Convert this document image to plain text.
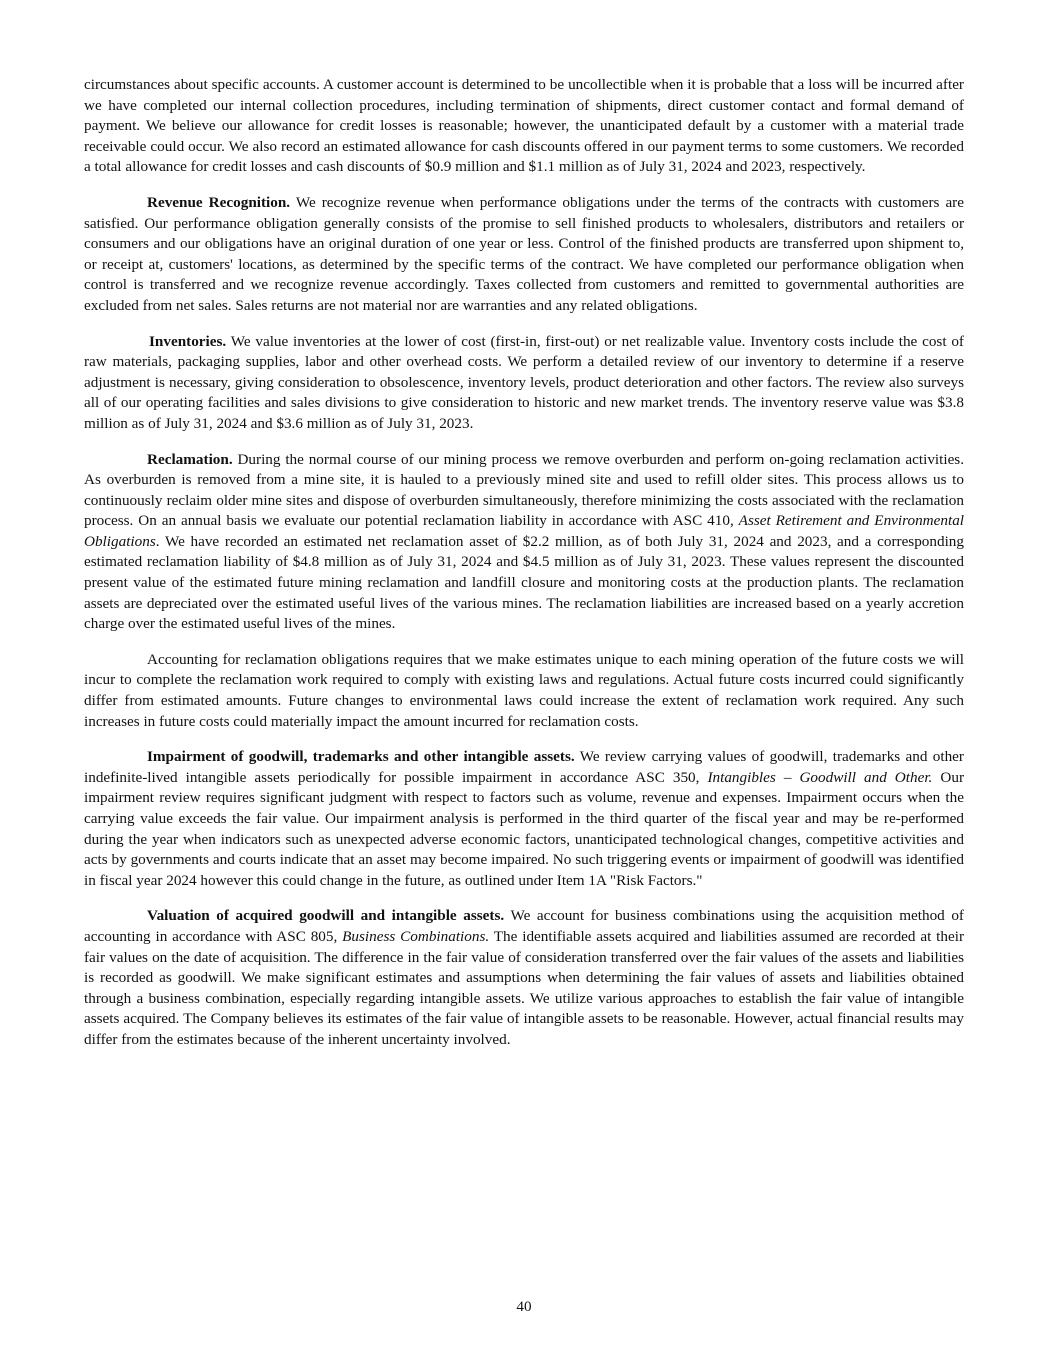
circumstances about specific accounts. A customer account is determined to be uncollectible when it is probable that a loss will be incurred after we have completed our internal collection procedures, including termination of shipments, direct customer contact and formal demand of payment. We believe our allowance for credit losses is reasonable; however, the unanticipated default by a customer with a material trade receivable could occur. We also record an estimated allowance for cash discounts offered in our payment terms to some customers. We recorded a total allowance for credit losses and cash discounts of $0.9 million and $1.1 million as of July 31, 2024 and 2023, respectively.

Revenue Recognition. We recognize revenue when performance obligations under the terms of the contracts with customers are satisfied. Our performance obligation generally consists of the promise to sell finished products to wholesalers, distributors and retailers or consumers and our obligations have an original duration of one year or less. Control of the finished products are transferred upon shipment to, or receipt at, customers' locations, as determined by the specific terms of the contract. We have completed our performance obligation when control is transferred and we recognize revenue accordingly. Taxes collected from customers and remitted to governmental authorities are excluded from net sales. Sales returns are not material nor are warranties and any related obligations.

Inventories. We value inventories at the lower of cost (first-in, first-out) or net realizable value. Inventory costs include the cost of raw materials, packaging supplies, labor and other overhead costs. We perform a detailed review of our inventory to determine if a reserve adjustment is necessary, giving consideration to obsolescence, inventory levels, product deterioration and other factors. The review also surveys all of our operating facilities and sales divisions to give consideration to historic and new market trends. The inventory reserve value was $3.8 million as of July 31, 2024 and $3.6 million as of July 31, 2023.

Reclamation. During the normal course of our mining process we remove overburden and perform on-going reclamation activities. As overburden is removed from a mine site, it is hauled to a previously mined site and used to refill older sites. This process allows us to continuously reclaim older mine sites and dispose of overburden simultaneously, therefore minimizing the costs associated with the reclamation process. On an annual basis we evaluate our potential reclamation liability in accordance with ASC 410, Asset Retirement and Environmental Obligations. We have recorded an estimated net reclamation asset of $2.2 million, as of both July 31, 2024 and 2023, and a corresponding estimated reclamation liability of $4.8 million as of July 31, 2024 and $4.5 million as of July 31, 2023. These values represent the discounted present value of the estimated future mining reclamation and landfill closure and monitoring costs at the production plants. The reclamation assets are depreciated over the estimated useful lives of the various mines. The reclamation liabilities are increased based on a yearly accretion charge over the estimated useful lives of the mines.

Accounting for reclamation obligations requires that we make estimates unique to each mining operation of the future costs we will incur to complete the reclamation work required to comply with existing laws and regulations. Actual future costs incurred could significantly differ from estimated amounts. Future changes to environmental laws could increase the extent of reclamation work required. Any such increases in future costs could materially impact the amount incurred for reclamation costs.

Impairment of goodwill, trademarks and other intangible assets. We review carrying values of goodwill, trademarks and other indefinite-lived intangible assets periodically for possible impairment in accordance ASC 350, Intangibles – Goodwill and Other. Our impairment review requires significant judgment with respect to factors such as volume, revenue and expenses. Impairment occurs when the carrying value exceeds the fair value. Our impairment analysis is performed in the third quarter of the fiscal year and may be re-performed during the year when indicators such as unexpected adverse economic factors, unanticipated technological changes, competitive activities and acts by governments and courts indicate that an asset may become impaired. No such triggering events or impairment of goodwill was identified in fiscal year 2024 however this could change in the future, as outlined under Item 1A "Risk Factors."

Valuation of acquired goodwill and intangible assets. We account for business combinations using the acquisition method of accounting in accordance with ASC 805, Business Combinations. The identifiable assets acquired and liabilities assumed are recorded at their fair values on the date of acquisition. The difference in the fair value of consideration transferred over the fair values of the assets and liabilities is recorded as goodwill. We make significant estimates and assumptions when determining the fair values of assets and liabilities obtained through a business combination, especially regarding intangible assets. We utilize various approaches to establish the fair value of intangible assets acquired. The Company believes its estimates of the fair value of intangible assets to be reasonable. However, actual financial results may differ from the estimates because of the inherent uncertainty involved.

40
